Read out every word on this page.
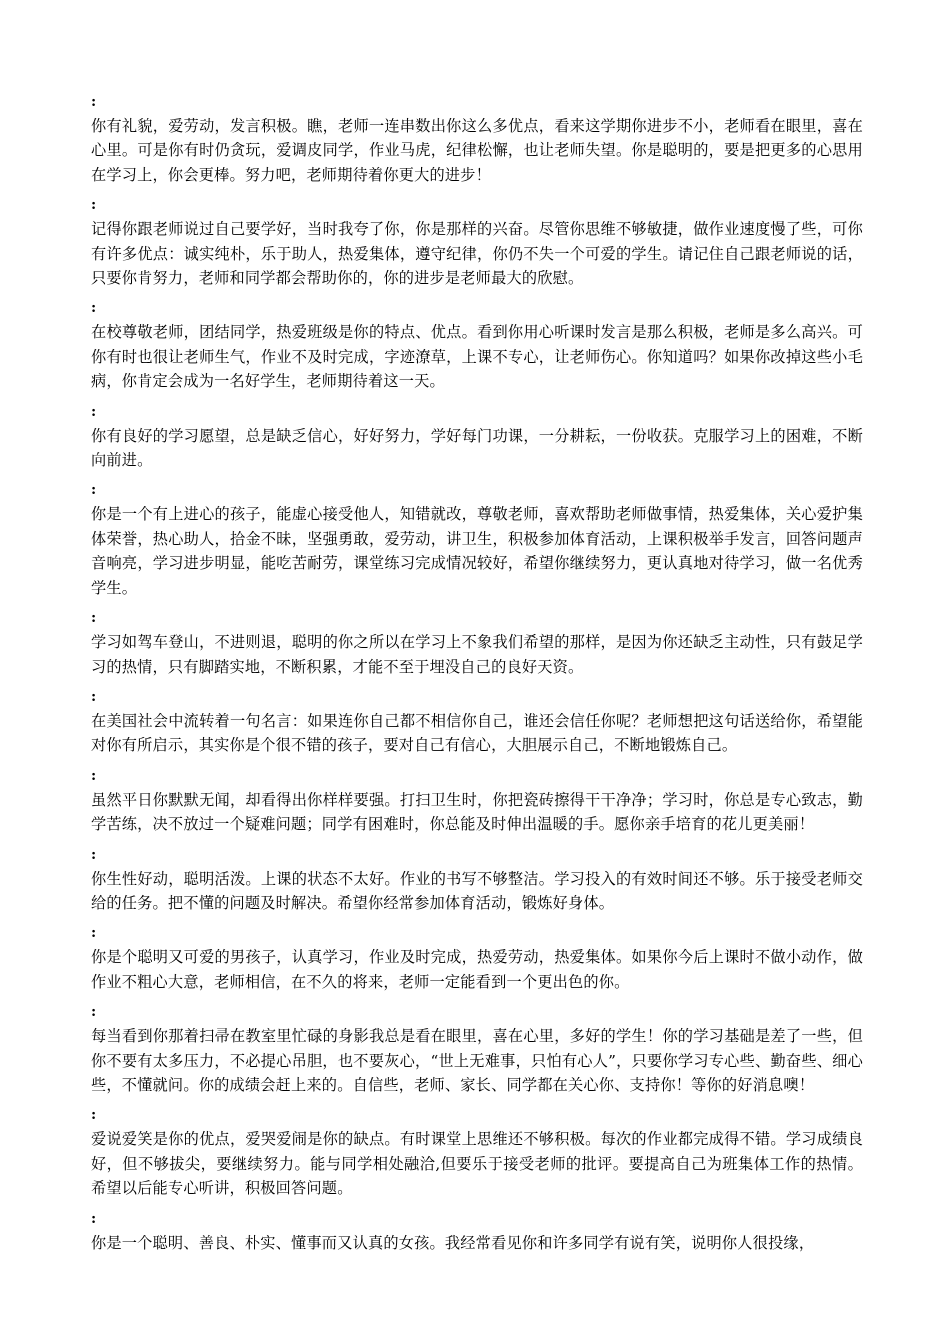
:

你有礼貌，爱劳动，发言积极。瞧，老师一连串数出你这么多优点，看来这学期你进步不小，老师看在眼里，喜在心里。可是你有时仍贪玩，爱调皮同学，作业马虎，纪律松懈，也让老师失望。你是聪明的，要是把更多的心思用在学习上，你会更棒。努力吧，老师期待着你更大的进步！

:

记得你跟老师说过自己要学好，当时我夸了你，你是那样的兴奋。尽管你思维不够敏捷，做作业速度慢了些，可你有许多优点：诚实纯朴，乐于助人，热爱集体，遵守纪律，你仍不失一个可爱的学生。请记住自己跟老师说的话，只要你肯努力，老师和同学都会帮助你的，你的进步是老师最大的欣慰。

:

在校尊敬老师，团结同学，热爱班级是你的特点、优点。看到你用心听课时发言是那么积极，老师是多么高兴。可你有时也很让老师生气，作业不及时完成，字迹潦草，上课不专心，让老师伤心。你知道吗？如果你改掉这些小毛病，你肯定会成为一名好学生，老师期待着这一天。

:

你有良好的学习愿望，总是缺乏信心，好好努力，学好每门功课，一分耕耘，一份收获。克服学习上的困难，不断向前进。

:

你是一个有上进心的孩子，能虚心接受他人，知错就改，尊敬老师，喜欢帮助老师做事情，热爱集体，关心爱护集体荣誉，热心助人，拾金不昧，坚强勇敢，爱劳动，讲卫生，积极参加体育活动，上课积极举手发言，回答问题声音响亮，学习进步明显，能吃苦耐劳，课堂练习完成情况较好，希望你继续努力，更认真地对待学习，做一名优秀学生。

:

学习如驾车登山，不进则退，聪明的你之所以在学习上不象我们希望的那样，是因为你还缺乏主动性，只有鼓足学习的热情，只有脚踏实地，不断积累，才能不至于埋没自己的良好天资。

:

在美国社会中流转着一句名言：如果连你自己都不相信你自己，谁还会信任你呢？老师想把这句话送给你，希望能对你有所启示，其实你是个很不错的孩子，要对自己有信心，大胆展示自己，不断地锻炼自己。

:

虽然平日你默默无闻，却看得出你样样要强。打扫卫生时，你把瓷砖擦得干干净净；学习时，你总是专心致志，勤学苦练，决不放过一个疑难问题；同学有困难时，你总能及时伸出温暖的手。愿你亲手培育的花儿更美丽！

:

你生性好动，聪明活泼。上课的状态不太好。作业的书写不够整洁。学习投入的有效时间还不够。乐于接受老师交给的任务。把不懂的问题及时解决。希望你经常参加体育活动，锻炼好身体。

:

你是个聪明又可爱的男孩子，认真学习，作业及时完成，热爱劳动，热爱集体。如果你今后上课时不做小动作，做作业不粗心大意，老师相信，在不久的将来，老师一定能看到一个更出色的你。

:

每当看到你那着扫帚在教室里忙碌的身影我总是看在眼里，喜在心里，多好的学生！你的学习基础是差了一些，但你不要有太多压力，不必提心吊胆，也不要灰心，“世上无难事，只怕有心人”，只要你学习专心些、勤奋些、细心些，不懂就问。你的成绩会赶上来的。自信些，老师、家长、同学都在关心你、支持你！等你的好消息噢！

:

爱说爱笑是你的优点，爱哭爱闹是你的缺点。有时课堂上思维还不够积极。每次的作业都完成得不错。学习成绩良好，但不够拔尖，要继续努力。能与同学相处融洽,但要乐于接受老师的批评。要提高自己为班集体工作的热情。希望以后能专心听讲，积极回答问题。

:

你是一个聪明、善良、朴实、懂事而又认真的女孩。我经常看见你和许多同学有说有笑，说明你人很投缘，
